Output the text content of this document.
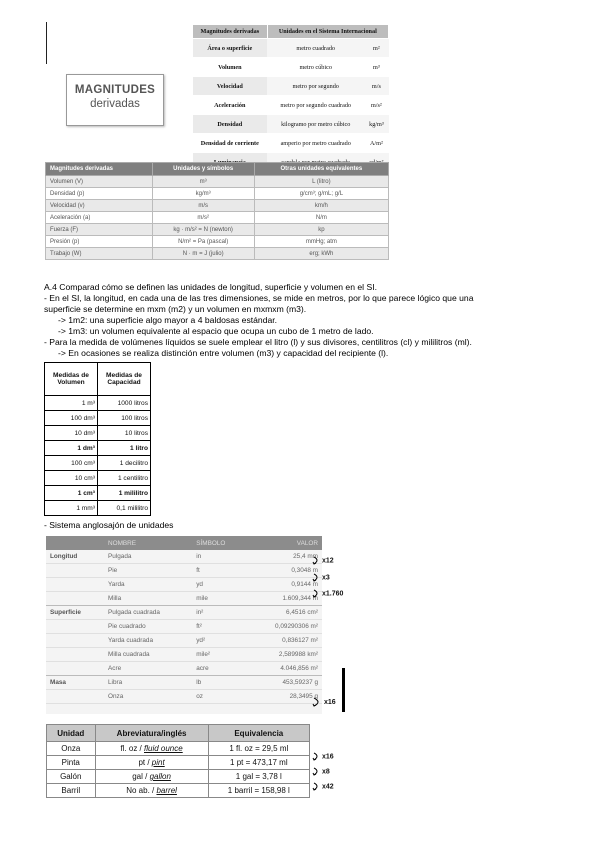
MAGNITUDES
derivadas
Magnitudes derivadas	Unidades en el Sistema Internacional	
Área o superficie	metro cuadrado	m²
Volumen	metro cúbico	m³
Velocidad	metro por segundo	m/s
Aceleración	metro por segundo cuadrado	m/s²
Densidad	kilogramo por metro cúbico	kg/m³
Densidad de corriente	amperio por metro cuadrado	A/m²

Magnitudes derivadas	Unidades y símbolos	Otras unidades equivalentes
Volumen (V)	m³	L (litro)
Densidad (p)	kg/m³	g/cm³; g/mL; g/L
Velocidad (v)	m/s	km/h
Aceleración (a)	m/s²	N/m
Fuerza (F)	kg · m/s² = N (newton)	kp
Presión (p)	N/m² = Pa (pascal)	mmHg; atm
Trabajo (W)	N · m = J (julio)	erg; kWh
A.4 Comparad cómo se definen las unidades de longitud, superficie y volumen en el SI.
- En el SI, la longitud, en cada una de las tres dimensiones, se mide en metros, por lo que parece lógico que una
superficie se determine en mxm (m2) y un volumen en mxmxm (m3).
-> 1m2: una superficie algo mayor a 4 baldosas estándar.
-> 1m3: un volumen equivalente al espacio que ocupa un cubo de 1 metro de lado.
- Para la medida de volúmenes líquidos se suele emplear el litro (l) y sus divisores, centilitros (cl) y mililitros (ml).
-> En ocasiones se realiza distinción entre volumen (m3) y capacidad del recipiente (l).
Medidas de Volumen	Medidas de Capacidad
1 m³	1000 litros
100 dm³	100 litros
10 dm³	10 litros
1 dm³	1 litro
100 cm³	1 decilitro
10 cm³	1 centilitro
1 cm³	1 mililitro
1 mm³	0,1 mililitro
- Sistema anglosajón de unidades
	NOMBRE	SÍMBOLO	VALOR
Longitud	Pulgada	in	25,4 mm
	Pie	ft	0,3048 m
	Yarda	yd	0,9144 m
	Milla	mile	1.609,344 m
Superficie	Pulgada cuadrada	in²	6,4516 cm²
	Pie cuadrado	ft²	0,09290306 m²
	Yarda cuadrada	yd²	0,836127 m²
	Milla cuadrada	mile²	2,589988 km²
	Acre	acre	4.046,856 m²
Masa	Libra	lb	453,59237 g
	Onza	oz	28,3495 g
x12
x3
x1.760
x16
Unidad	Abreviatura/inglés	Equivalencia
Onza	fl. oz / fluid ounce	1 fl. oz = 29,5 ml
Pinta	pt / pint	1 pt = 473,17 ml
Galón	gal / gallon	1 gal = 3,78 l
Barril	No ab. / barrel	1 barril = 158,98 l
x16
x8
x42
